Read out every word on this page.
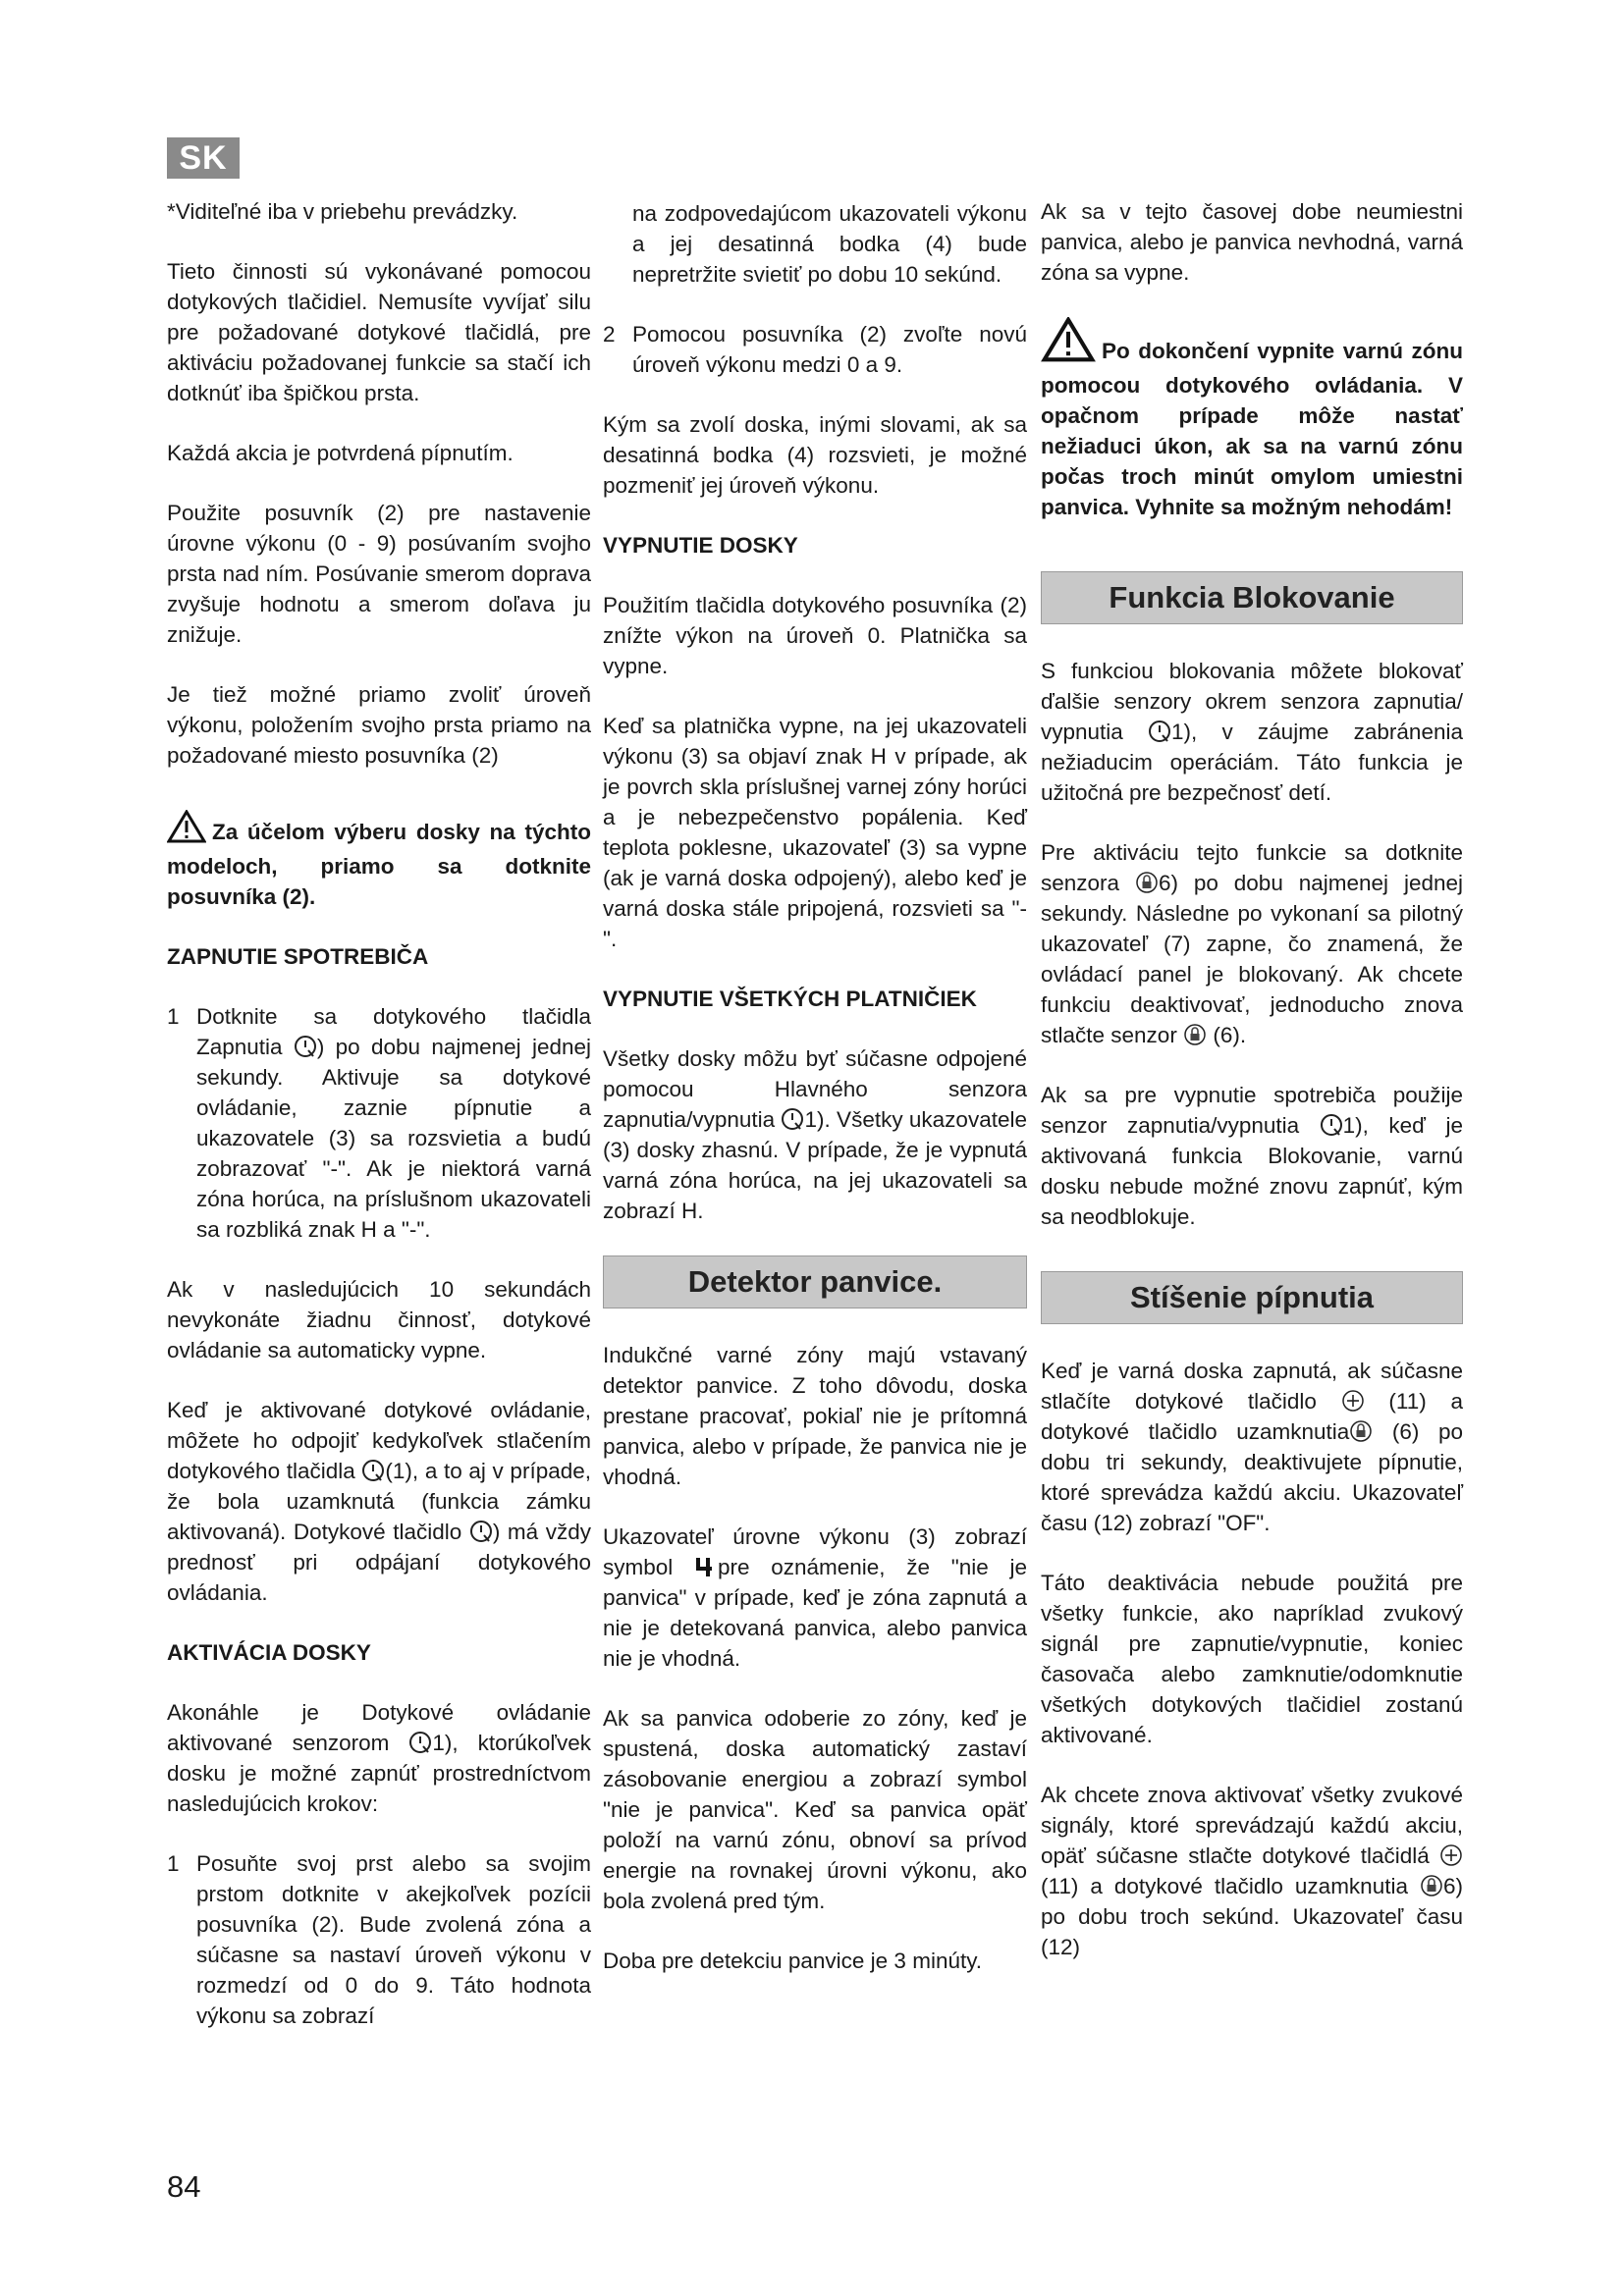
SK

*Viditeľné iba v priebehu prevádzky.

Tieto činnosti sú vykonávané pomocou dotykových tlačidiel. Nemusíte vyvíjať silu pre požadované dotykové tlačidlá, pre aktiváciu požadovanej funkcie sa stačí ich dotknúť iba špičkou prsta.

Každá akcia je potvrdená pípnutím.

Použite posuvník (2) pre nastavenie úrovne výkonu (0 - 9) posúvaním svojho prsta nad ním. Posúvanie smerom doprava zvyšuje hodnotu a smerom doľava ju znižuje.

Je tiež možné priamo zvoliť úroveň výkonu, položením svojho prsta priamo na požadované miesto posuvníka (2)

Za účelom výberu dosky na týchto modeloch, priamo sa dotknite posuvníka (2).
ZAPNUTIE SPOTREBIČA
1 Dotknite sa dotykového tlačidla Zapnutia ) po dobu najmenej jednej sekundy. Aktivuje sa dotykové ovládanie, zaznie pípnutie a ukazovatele (3) sa rozsvietia a budú zobrazovať "-". Ak je niektorá varná zóna horúca, na príslušnom ukazovateli sa rozbliká znak H a "-".

Ak v nasledujúcich 10 sekundách nevykonáte žiadnu činnosť, dotykové ovládanie sa automaticky vypne.

Keď je aktivované dotykové ovládanie, môžete ho odpojiť kedykoľvek stlačením dotykového tlačidla (1), a to aj v prípade, že bola uzamknutá (funkcia zámku aktivovaná). Dotykové tlačidlo ) má vždy prednosť pri odpájaní dotykového ovládania.

AKTIVÁCIA DOSKY

Akonáhle je Dotykové ovládanie aktivované senzorom 1), ktorúkoľvek dosku je možné zapnúť prostredníctvom nasledujúcich krokov:

1 Posuňte svoj prst alebo sa svojim prstom dotknite v akejkoľvek pozícii posuvníka (2). Bude zvolená zóna a súčasne sa nastaví úroveň výkonu v rozmedzí od 0 do 9. Táto hodnota výkonu sa zobrazí

na zodpovedajúcom ukazovateli výkonu a jej desatinná bodka (4) bude nepretržite svietiť po dobu 10 sekúnd.

2 Pomocou posuvníka (2) zvoľte novú úroveň výkonu medzi 0 a 9.

Kým sa zvolí doska, inými slovami, ak sa desatinná bodka (4) rozsvieti, je možné pozmeniť jej úroveň výkonu.

VYPNUTIE DOSKY

Použitím tlačidla dotykového posuvníka (2) znížte výkon na úroveň 0. Platnička sa vypne.

Keď sa platnička vypne, na jej ukazovateli výkonu (3) sa objaví znak H v prípade, ak je povrch skla príslušnej varnej zóny horúci a je nebezpečenstvo popálenia. Keď teplota poklesne, ukazovateľ (3) sa vypne (ak je varná doska odpojený), alebo keď je varná doska stále pripojená, rozsvieti sa "-".

VYPNUTIE VŠETKÝCH PLATNIČIEK

Všetky dosky môžu byť súčasne odpojené pomocou Hlavného senzora zapnutia/vypnutia 1). Všetky ukazovatele (3) dosky zhasnú. V prípade, že je vypnutá varná zóna horúca, na jej ukazovateli sa zobrazí H.

Detektor panvice.

Indukčné varné zóny majú vstavaný detektor panvice. Z toho dôvodu, doska prestane pracovať, pokiaľ nie je prítomná panvica, alebo v prípade, že panvica nie je vhodná.

Ukazovateľ úrovne výkonu (3) zobrazí symbol pre oznámenie, že "nie je panvica" v prípade, keď je zóna zapnutá a nie je detekovaná panvica, alebo panvica nie je vhodná.

Ak sa panvica odoberie zo zóny, keď je spustená, doska automatický zastaví zásobovanie energiou a zobrazí symbol "nie je panvica". Keď sa panvica opäť položí na varnú zónu, obnoví sa prívod energie na rovnakej úrovni výkonu, ako bola zvolená pred tým.

Doba pre detekciu panvice je 3 minúty.

Ak sa v tejto časovej dobe neumiestni panvica, alebo je panvica nevhodná, varná zóna sa vypne.

Po dokončení vypnite varnú zónu pomocou dotykového ovládania. V opačnom prípade môže nastať nežiaduci úkon, ak sa na varnú zónu počas troch minút omylom umiestni panvica. Vyhnite sa možným nehodám!
Funkcia Blokovanie

S funkciou blokovania môžete blokovať ďalšie senzory okrem senzora zapnutia/ vypnutia 1), v záujme zabránenia nežiaducim operáciám. Táto funkcia je užitočná pre bezpečnosť detí.

Pre aktiváciu tejto funkcie sa dotknite senzora 6) po dobu najmenej jednej sekundy. Následne po vykonaní sa pilotný ukazovateľ (7) zapne, čo znamená, že ovládací panel je blokovaný. Ak chcete funkciu deaktivovať, jednoducho znova stlačte senzor (6).

Ak sa pre vypnutie spotrebiča použije senzor zapnutia/vypnutia 1), keď je aktivovaná funkcia Blokovanie, varnú dosku nebude možné znovu zapnúť, kým sa neodblokuje.

Stíšenie pípnutia

Keď je varná doska zapnutá, ak súčasne stlačíte dotykové tlačidlo	(11) a dotykové tlačidlo uzamknutia (6) po dobu tri sekundy, deaktivujete pípnutie, ktoré sprevádza každú akciu. Ukazovateľ času (12) zobrazí "OF".

Táto deaktivácia nebude použitá pre všetky funkcie, ako napríklad zvukový signál pre zapnutie/vypnutie, koniec časovača alebo zamknutie/odomknutie všetkých dotykových tlačidiel zostanú aktivované.

Ak chcete znova aktivovať všetky zvukové signály, ktoré sprevádzajú každú akciu, opäť súčasne stlačte dotykové tlačidlá (11) a dotykové tlačidlo uzamknutia 6) po dobu troch sekúnd. Ukazovateľ času (12)

84
